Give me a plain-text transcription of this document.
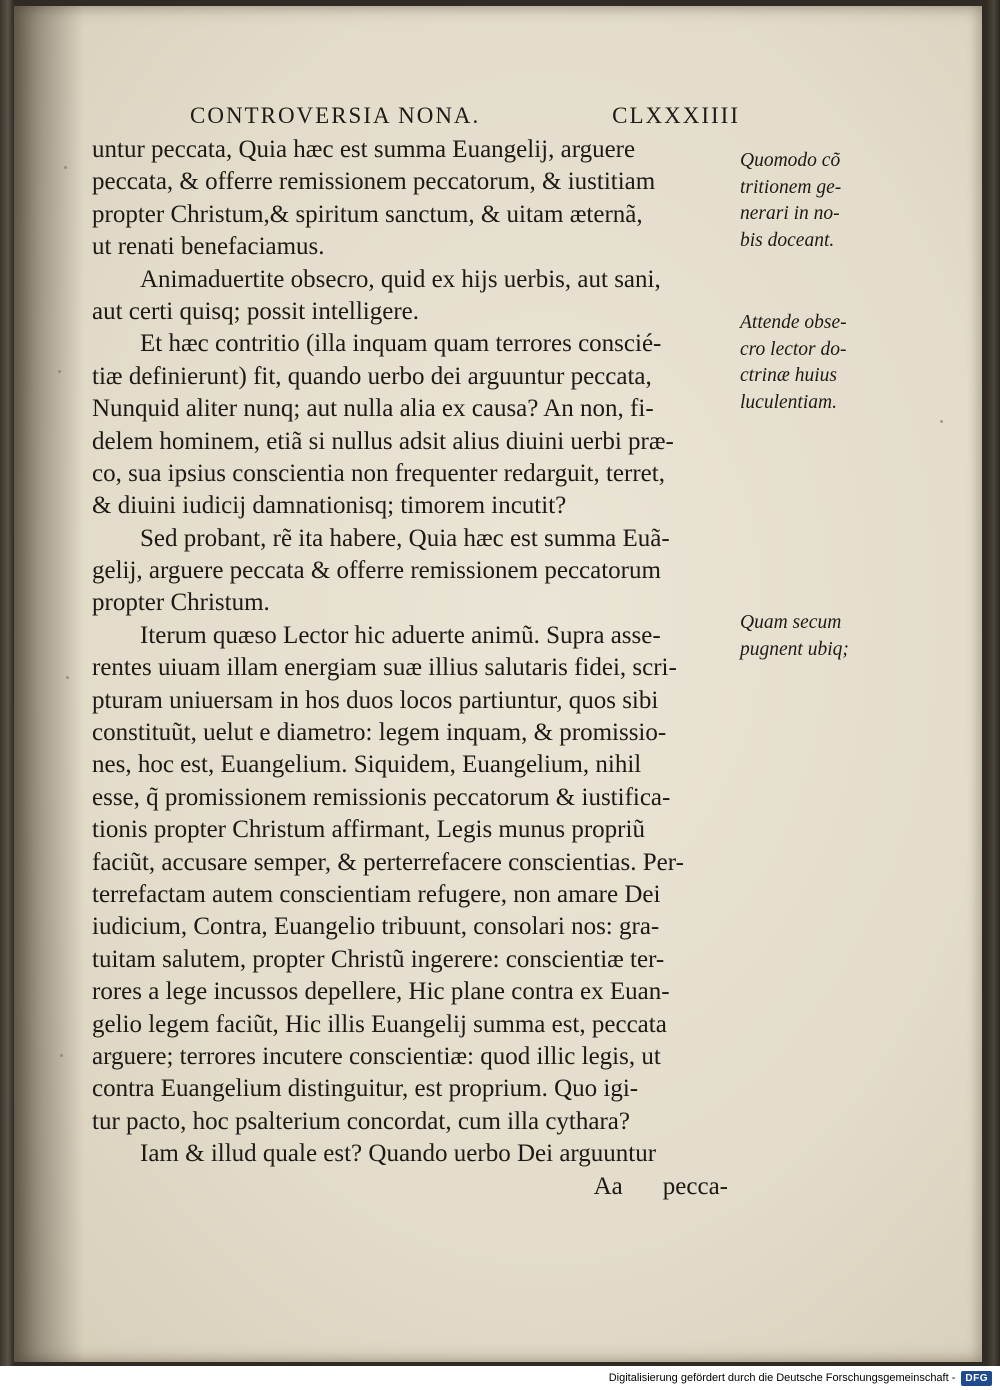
CONTROVERSIA NONA.	CLXXXIIII
untur peccata, Quia hæc est summa Euangelij, arguere
peccata, & offerre remissionem peccatorum, & iustitiam
propter Christum,& spiritum sanctum, & uitam æternã,
ut renati benefaciamus.
Animaduertite obsecro, quid ex hijs uerbis, aut sani,
aut certi quisq; possit intelligere.
Et hæc contritio (illa inquam quam terrores conscié-
tiæ definierunt) fit, quando uerbo dei arguuntur peccata,
Nunquid aliter nunq; aut nulla alia ex causa? An non, fi-
delem hominem, etiã si nullus adsit alius diuini uerbi præ-
co, sua ipsius conscientia non frequenter redarguit, terret,
& diuini iudicij damnationisq; timorem incutit?
Sed probant, rẽ ita habere, Quia hæc est summa Euã-
gelij, arguere peccata & offerre remissionem peccatorum
propter Christum.
Iterum quæso Lector hic aduerte animũ. Supra asse-
rentes uiuam illam energiam suæ illius salutaris fidei, scri-
pturam uniuersam in hos duos locos partiuntur, quos sibi
constituũt, uelut e diametro: legem inquam, & promissio-
nes, hoc est, Euangelium. Siquidem, Euangelium, nihil
esse, q̃ promissionem remissionis peccatorum & iustifica-
tionis propter Christum affirmant, Legis munus propriũ
faciũt, accusare semper, & perterrefacere conscientias. Per-
terrefactam autem conscientiam refugere, non amare Dei
iudicium, Contra, Euangelio tribuunt, consolari nos: gra-
tuitam salutem, propter Christũ ingerere: conscientiæ ter-
rores a lege incussos depellere, Hic plane contra ex Euan-
gelio legem faciũt, Hic illis Euangelij summa est, peccata
arguere; terrores incutere conscientiæ: quod illic legis, ut
contra Euangelium distinguitur, est proprium. Quo igi-
tur pacto, hoc psalterium concordat, cum illa cythara?
Iam & illud quale est? Quando uerbo Dei arguuntur
Aa pecca-
Quomodo cõ
tritionem ge-
nerari in no-
bis doceant.
Attende obse-
cro lector do-
ctrinæ huius
luculentiam.
Quam secum
pugnent ubiq;
Digitalisierung gefördert durch die Deutsche Forschungsgemeinschaft -	DFG
